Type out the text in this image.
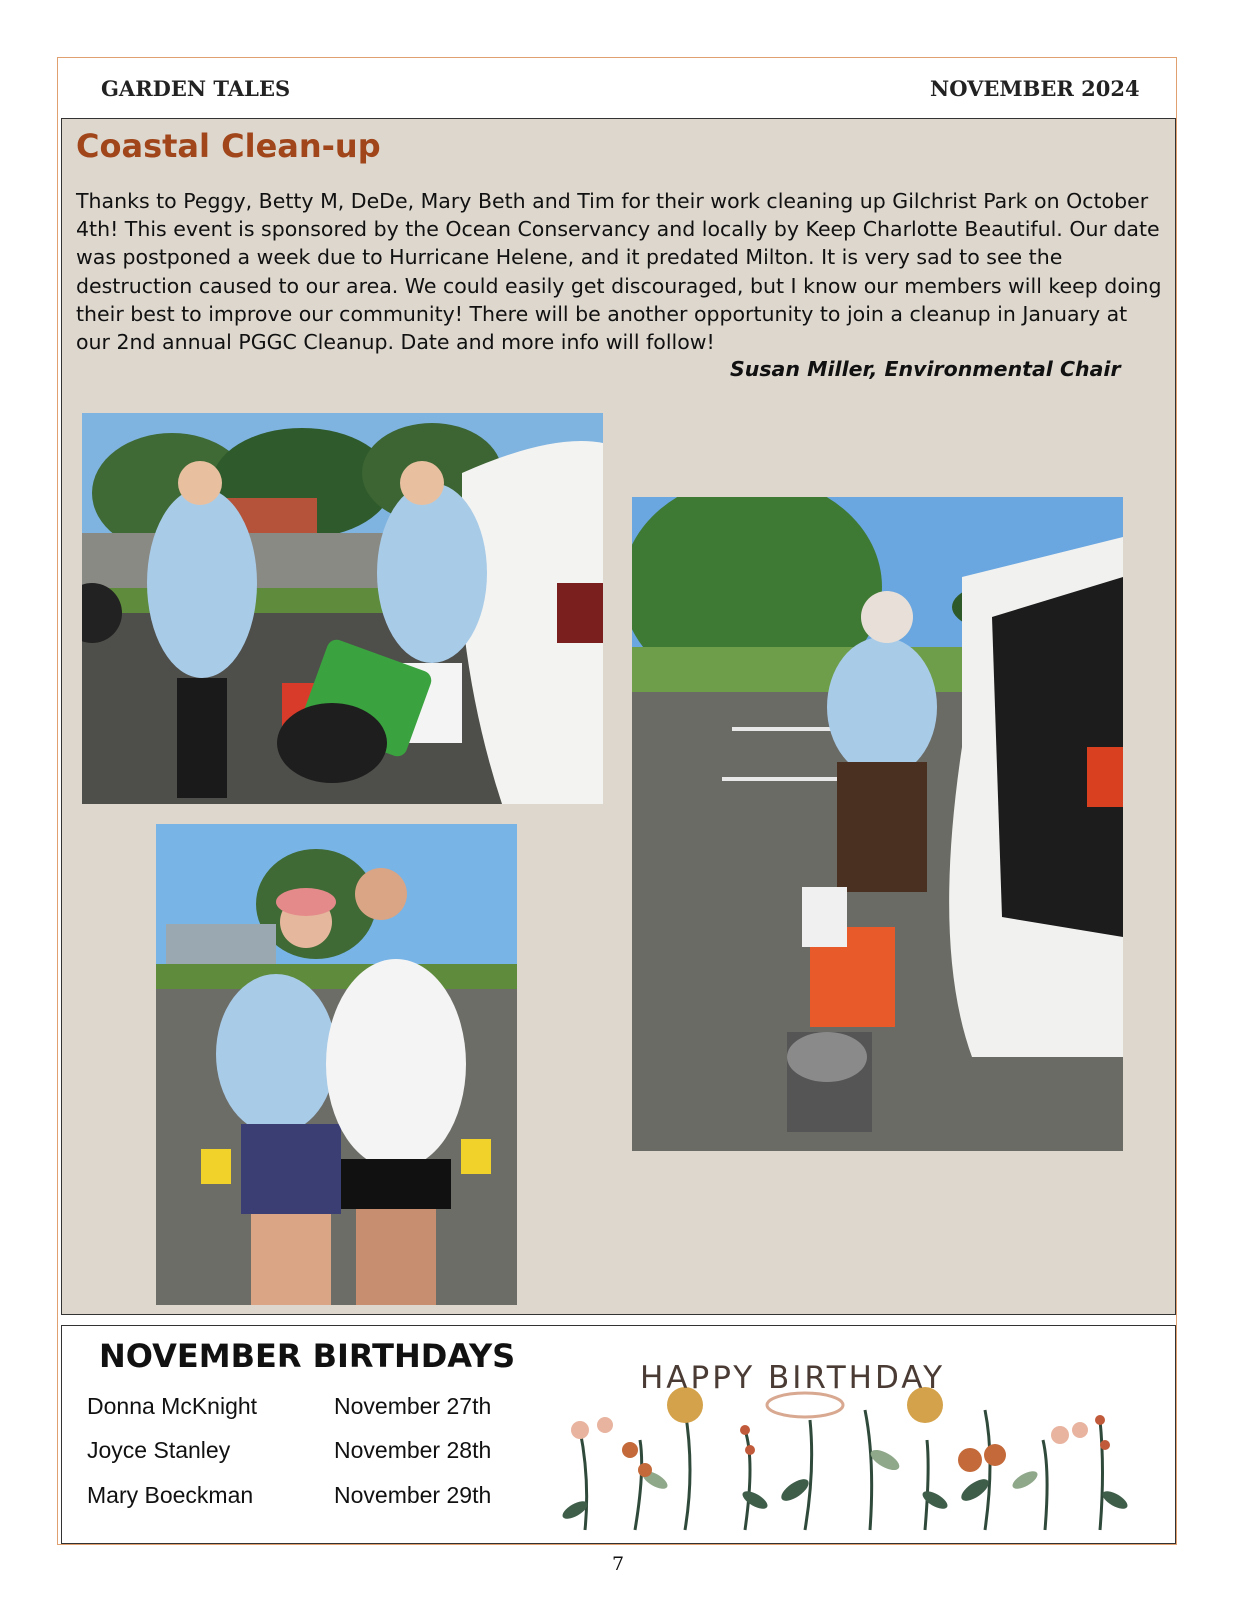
GARDEN TALES	NOVEMBER 2024
Coastal Clean-up

Thanks to Peggy, Betty M, DeDe, Mary Beth and Tim for their work cleaning up Gilchrist Park on October 4th! This event is sponsored by the Ocean Conservancy and locally by Keep Charlotte Beautiful. Our date was postponed a week due to Hurricane Helene, and it predated Milton. It is very sad to see the destruction caused to our area. We could easily get discouraged, but I know our members will keep doing their best to improve our community! There will be another opportunity to join a cleanup in January at our 2nd annual PGGC Cleanup. Date and more info will follow!

Susan Miller, Environmental Chair
NOVEMBER BIRTHDAYS
Donna McKnight	November 27th
Joyce Stanley	November 28th
Mary Boeckman	November 29th
HAPPY BIRTHDAY
7
